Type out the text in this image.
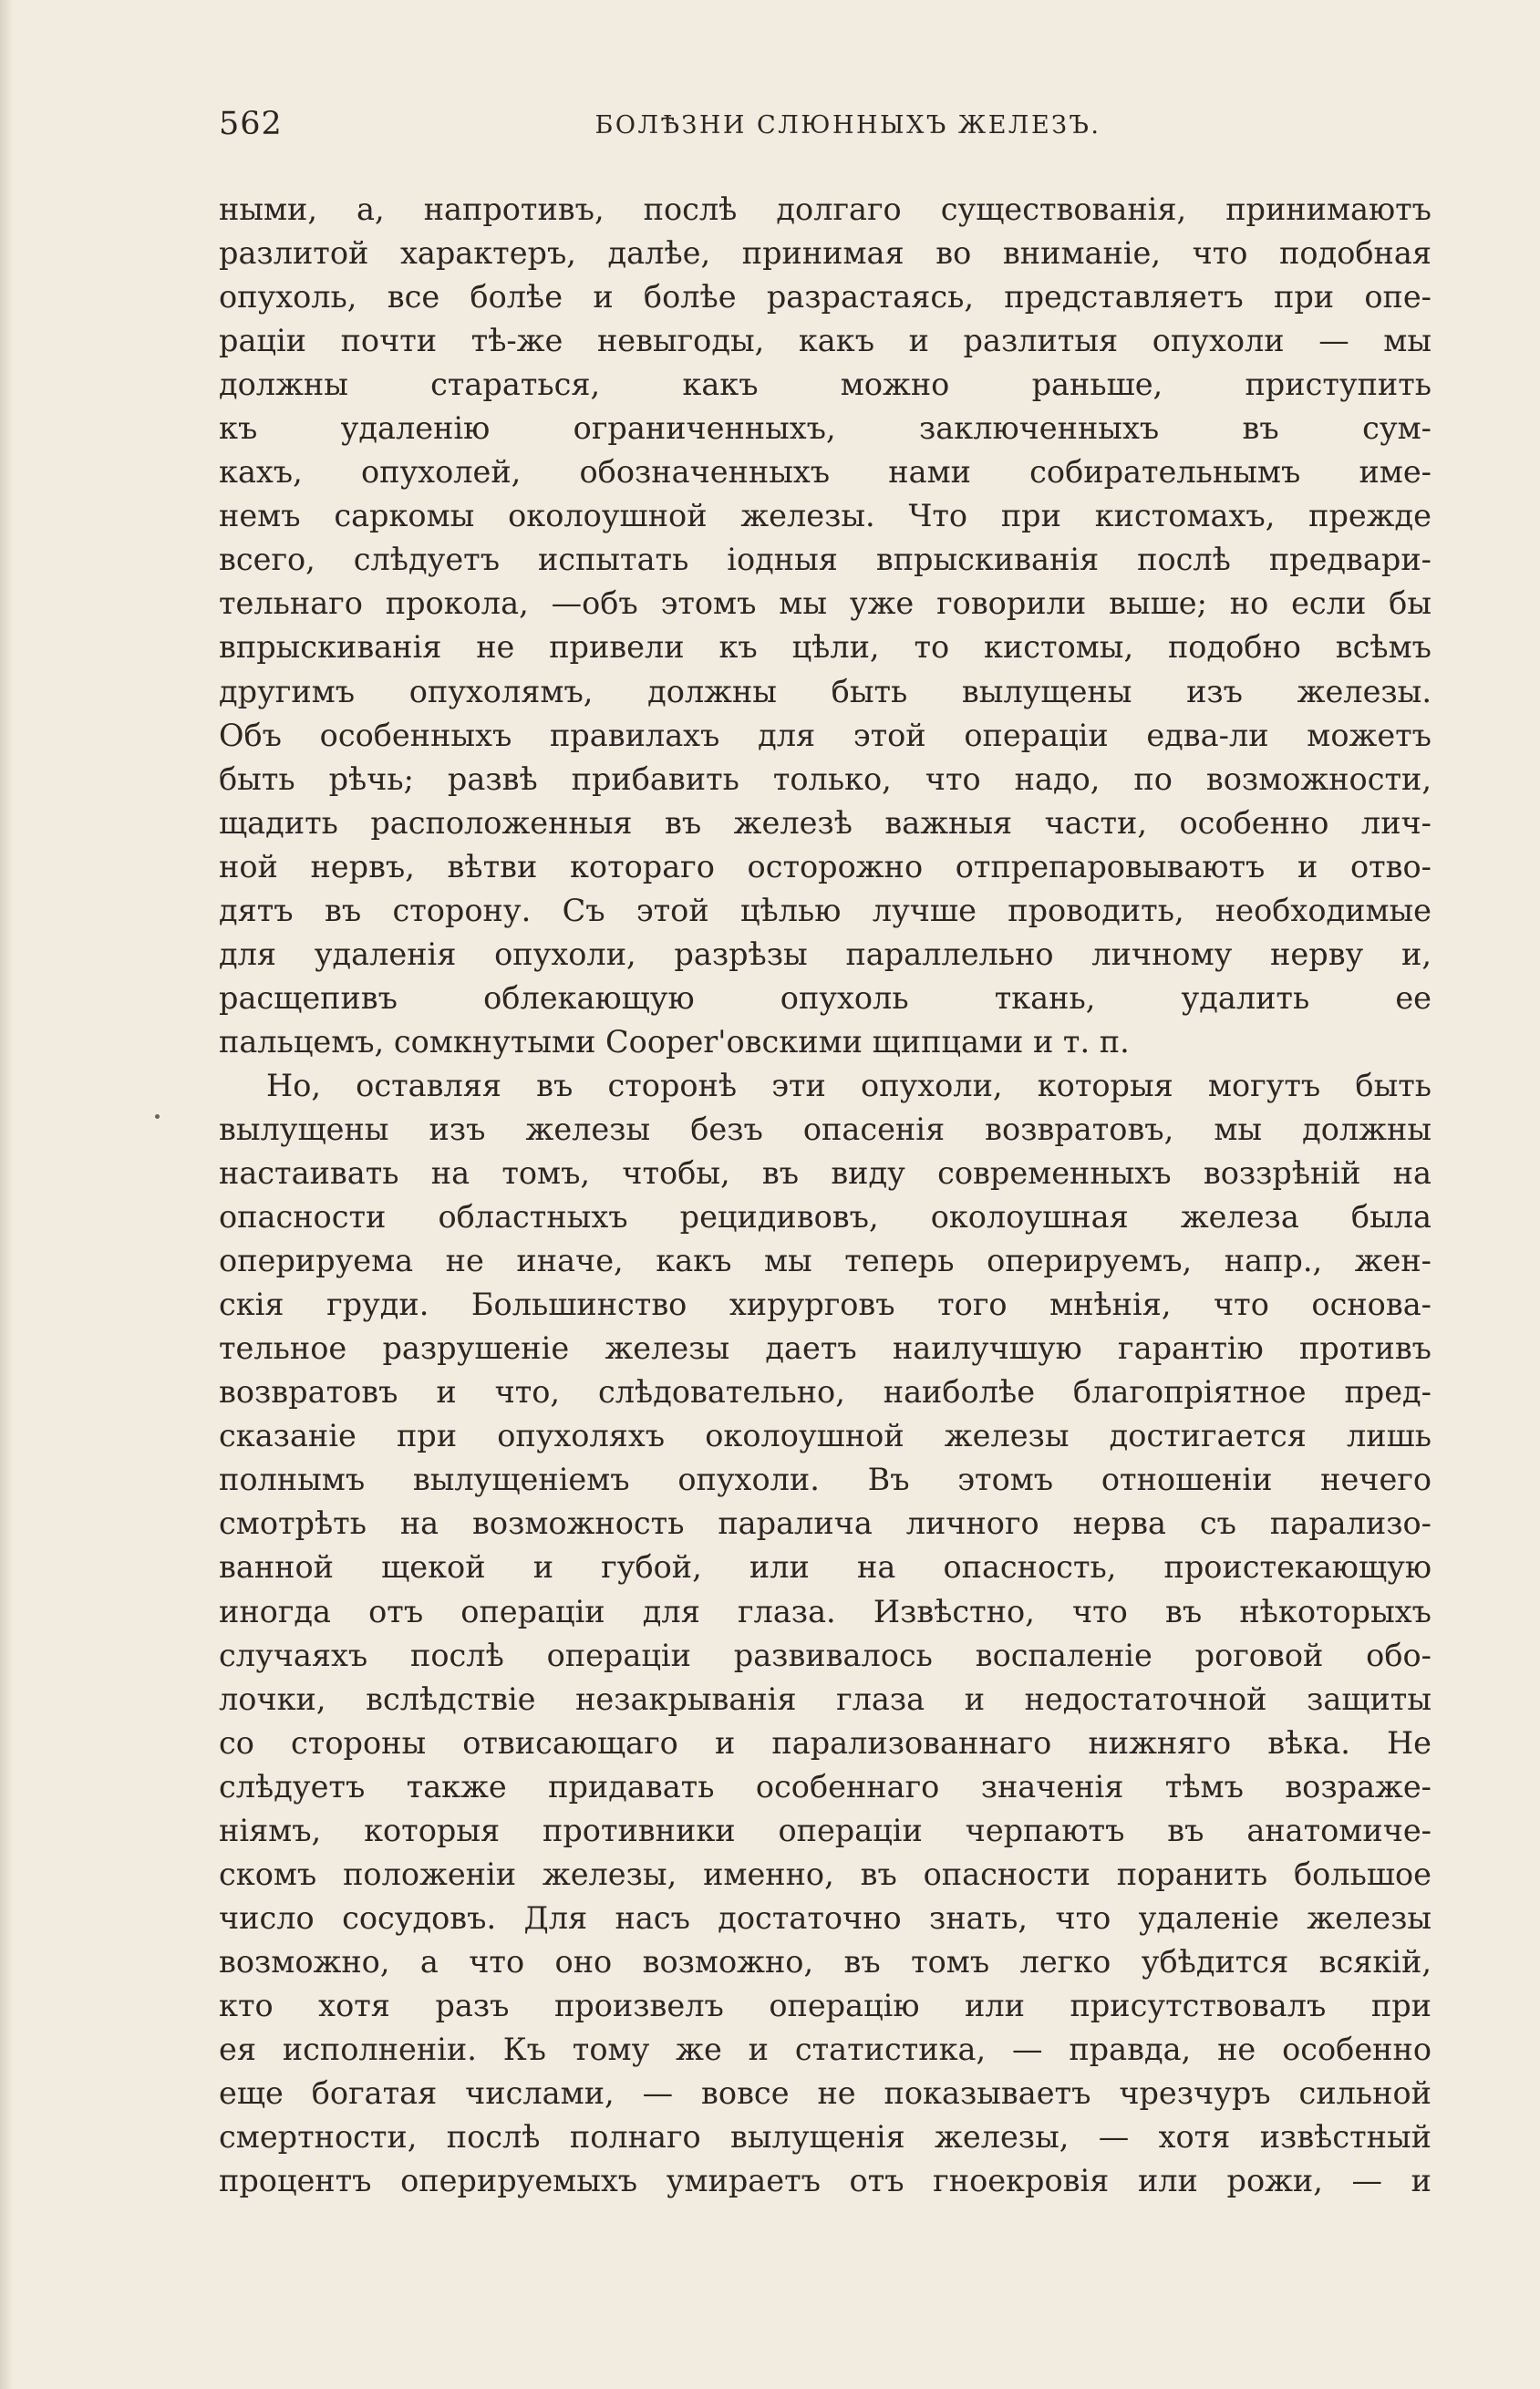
562	БОЛѢЗНИ СЛЮННЫХЪ ЖЕЛЕЗЪ.
ными, а, напротивъ, послѣ долгаго существованія, принимаютъ
разлитой характеръ, далѣе, принимая во вниманіе, что подобная
опухоль, все болѣе и болѣе разрастаясь, представляетъ при опе-
раціи почти тѣ-же невыгоды, какъ и разлитыя опухоли — мы
должны стараться, какъ можно раньше, приступить
къ удаленію ограниченныхъ, заключенныхъ въ сум-
кахъ, опухолей, обозначенныхъ нами собирательнымъ име-
немъ саркомы околоушной железы. Что при кистомахъ, прежде
всего, слѣдуетъ испытать іодныя впрыскиванія послѣ предвари-
тельнаго прокола, —объ этомъ мы уже говорили выше; но если бы
впрыскиванія не привели къ цѣли, то кистомы, подобно всѣмъ
другимъ опухолямъ, должны быть вылущены изъ железы.
Объ особенныхъ правилахъ для этой операціи едва-ли можетъ
быть рѣчь; развѣ прибавить только, что надо, по возможности,
щадить расположенныя въ железѣ важныя части, особенно лич-
ной нервъ, вѣтви котораго осторожно отпрепаровываютъ и отво-
дятъ въ сторону. Съ этой цѣлью лучше проводить, необходимые
для удаленія опухоли, разрѣзы параллельно личному нерву и,
расщепивъ облекающую опухоль ткань, удалить ее
пальцемъ, сомкнутыми Cooper'овскими щипцами и т. п.
Но, оставляя въ сторонѣ эти опухоли, которыя могутъ быть
вылущены изъ железы безъ опасенія возвратовъ, мы должны
настаивать на томъ, чтобы, въ виду современныхъ воззрѣній на
опасности областныхъ рецидивовъ, околоушная железа была
оперируема не иначе, какъ мы теперь оперируемъ, напр., жен-
скія груди. Большинство хирурговъ того мнѣнія, что основа-
тельное разрушеніе железы даетъ наилучшую гарантію противъ
возвратовъ и что, слѣдовательно, наиболѣе благопріятное пред-
сказаніе при опухоляхъ околоушной железы достигается лишь
полнымъ вылущеніемъ опухоли. Въ этомъ отношеніи нечего
смотрѣть на возможность паралича личного нерва съ парализо-
ванной щекой и губой, или на опасность, проистекающую
иногда отъ операціи для глаза. Извѣстно, что въ нѣкоторыхъ
случаяхъ послѣ операціи развивалось воспаленіе роговой обо-
лочки, вслѣдствіе незакрыванія глаза и недостаточной защиты
со стороны отвисающаго и парализованнаго нижняго вѣка. Не
слѣдуетъ также придавать особеннаго значенія тѣмъ возраже-
ніямъ, которыя противники операціи черпаютъ въ анатомиче-
скомъ положеніи железы, именно, въ опасности поранить большое
число сосудовъ. Для насъ достаточно знать, что удаленіе железы
возможно, а что оно возможно, въ томъ легко убѣдится всякій,
кто хотя разъ произвелъ операцію или присутствовалъ при
ея исполненіи. Къ тому же и статистика, — правда, не особенно
еще богатая числами, — вовсе не показываетъ чрезчуръ сильной
смертности, послѣ полнаго вылущенія железы, — хотя извѣстный
процентъ оперируемыхъ умираетъ отъ гноекровія или рожи, — и
